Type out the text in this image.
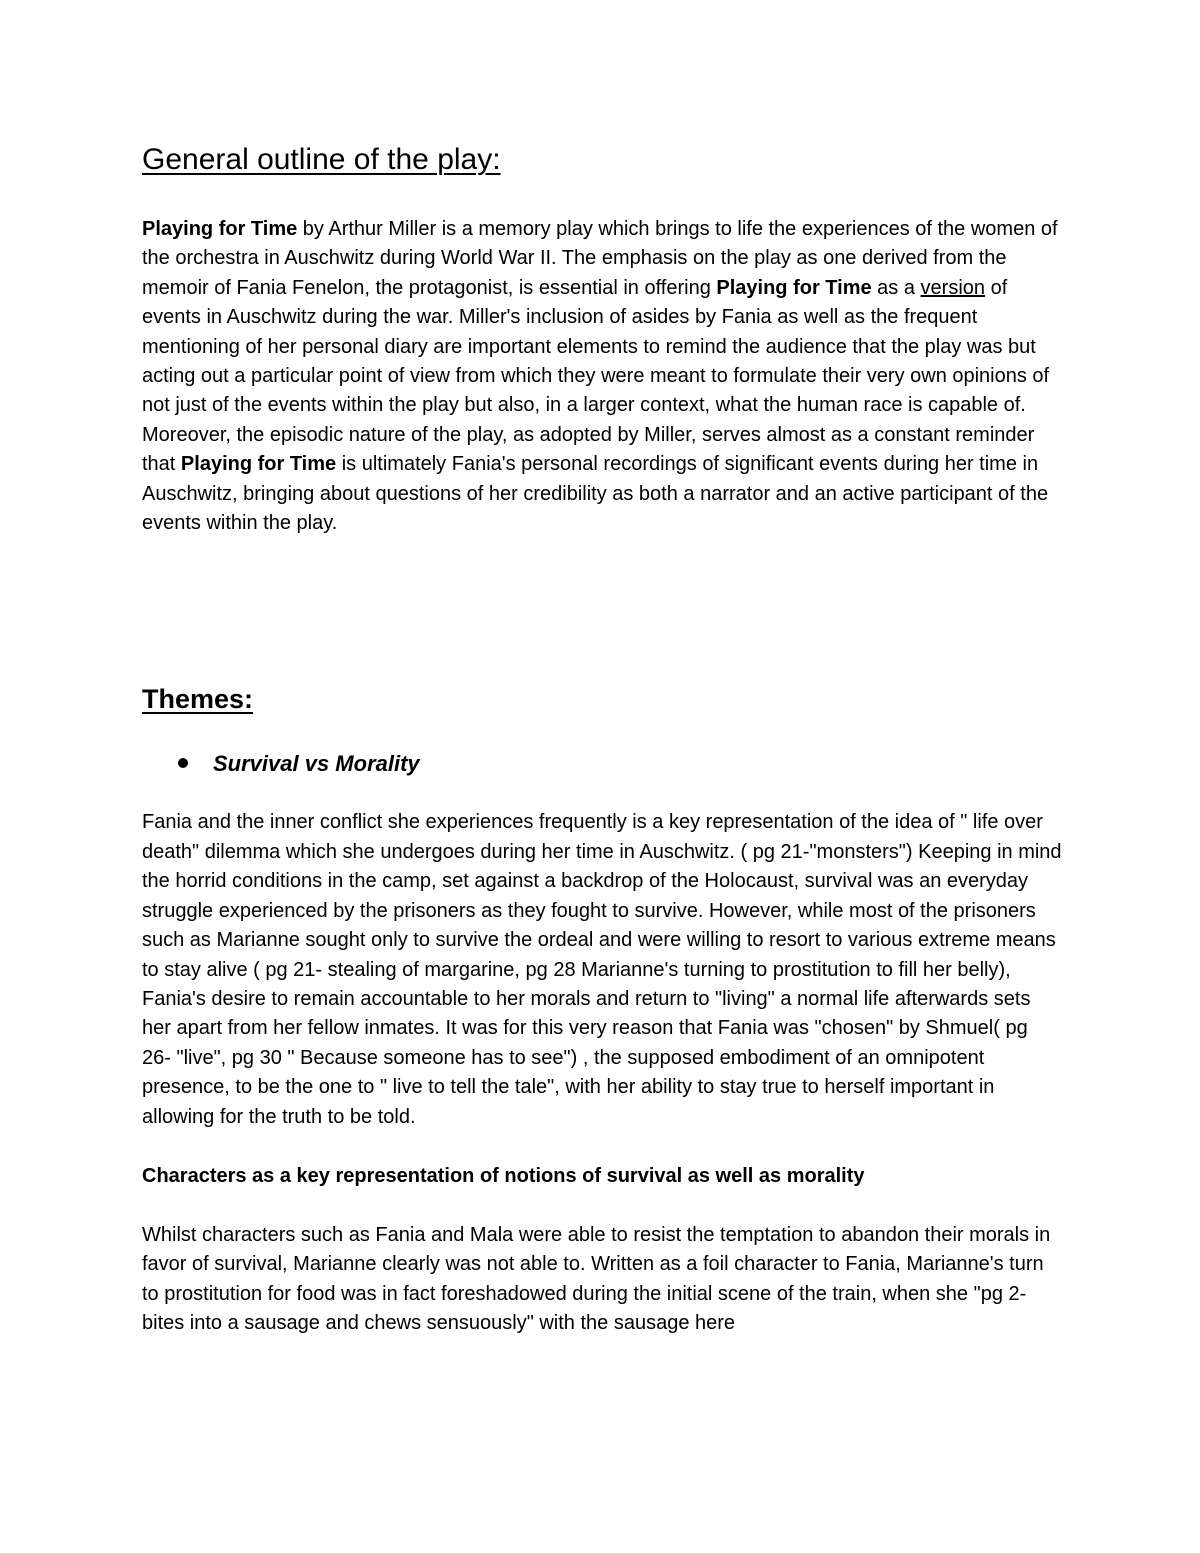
General outline of the play:

Playing for Time by Arthur Miller is a memory play which brings to life the experiences of the women of the orchestra in Auschwitz during World War II. The emphasis on the play as one derived from the memoir of Fania Fenelon, the protagonist, is essential in offering Playing for Time as a version of events in Auschwitz during the war. Miller's inclusion of asides by Fania as well as the frequent mentioning of her personal diary are important elements to remind the audience that the play was but acting out a particular point of view from which they were meant to formulate their very own opinions of not just of the events within the play but also, in a larger context, what the human race is capable of. Moreover, the episodic nature of the play, as adopted by Miller, serves almost as a constant reminder that Playing for Time is ultimately Fania's personal recordings of significant events during her time in Auschwitz, bringing about questions of her credibility as both a narrator and an active participant of the events within the play.

Themes:
Survival vs Morality

Fania and the inner conflict she experiences frequently is a key representation of the idea of " life over death" dilemma which she undergoes during her time in Auschwitz. ( pg 21-"monsters") Keeping in mind the horrid conditions in the camp, set against a backdrop of the Holocaust, survival was an everyday struggle experienced by the prisoners as they fought to survive. However, while most of the prisoners such as Marianne sought only to survive the ordeal and were willing to resort to various extreme means to stay alive ( pg 21- stealing of margarine, pg 28 Marianne's turning to prostitution to fill her belly), Fania's desire to remain accountable to her morals and return to "living" a normal life afterwards sets her apart from her fellow inmates. It was for this very reason that Fania was "chosen" by Shmuel( pg 26- "live", pg 30 " Because someone has to see") , the supposed embodiment of an omnipotent presence, to be the one to " live to tell the tale", with her ability to stay true to herself important in allowing for the truth to be told.

Characters as a key representation of notions of survival as well as morality

Whilst characters such as Fania and Mala were able to resist the temptation to abandon their morals in favor of survival, Marianne clearly was not able to. Written as a foil character to Fania, Marianne's turn to prostitution for food was in fact foreshadowed during the initial scene of the train, when she "pg 2- bites into a sausage and chews sensuously" with the sausage here
